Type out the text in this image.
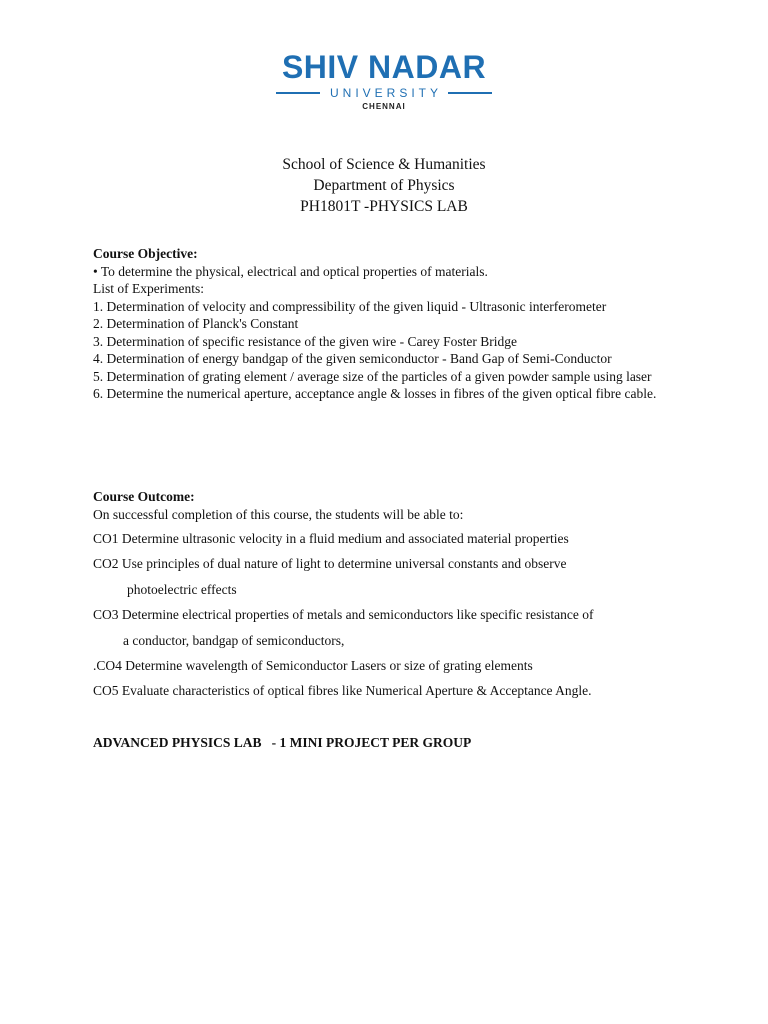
SHIV NADAR
UNIVERSITY
CHENNAI
School of Science & Humanities
Department of Physics
PH1801T -PHYSICS LAB
Course Objective:
• To determine the physical, electrical and optical properties of materials.
List of Experiments:
1. Determination of velocity and compressibility of the given liquid - Ultrasonic interferometer
2. Determination of Planck's Constant
3. Determination of specific resistance of the given wire - Carey Foster Bridge
4. Determination of energy bandgap of the given semiconductor - Band Gap of Semi-Conductor
5. Determination of grating element / average size of the particles of a given powder sample using laser
6. Determine the numerical aperture, acceptance angle & losses in fibres of the given optical fibre cable.
Course Outcome:
On successful completion of this course, the students will be able to:
CO1 Determine ultrasonic velocity in a fluid medium and associated material properties
CO2 Use principles of dual nature of light to determine universal constants and observe
photoelectric effects
CO3 Determine electrical properties of metals and semiconductors like specific resistance of
a conductor, bandgap of semiconductors,
.CO4 Determine wavelength of Semiconductor Lasers or size of grating elements
CO5 Evaluate characteristics of optical fibres like Numerical Aperture & Acceptance Angle.
ADVANCED PHYSICS LAB   - 1 MINI PROJECT PER GROUP
